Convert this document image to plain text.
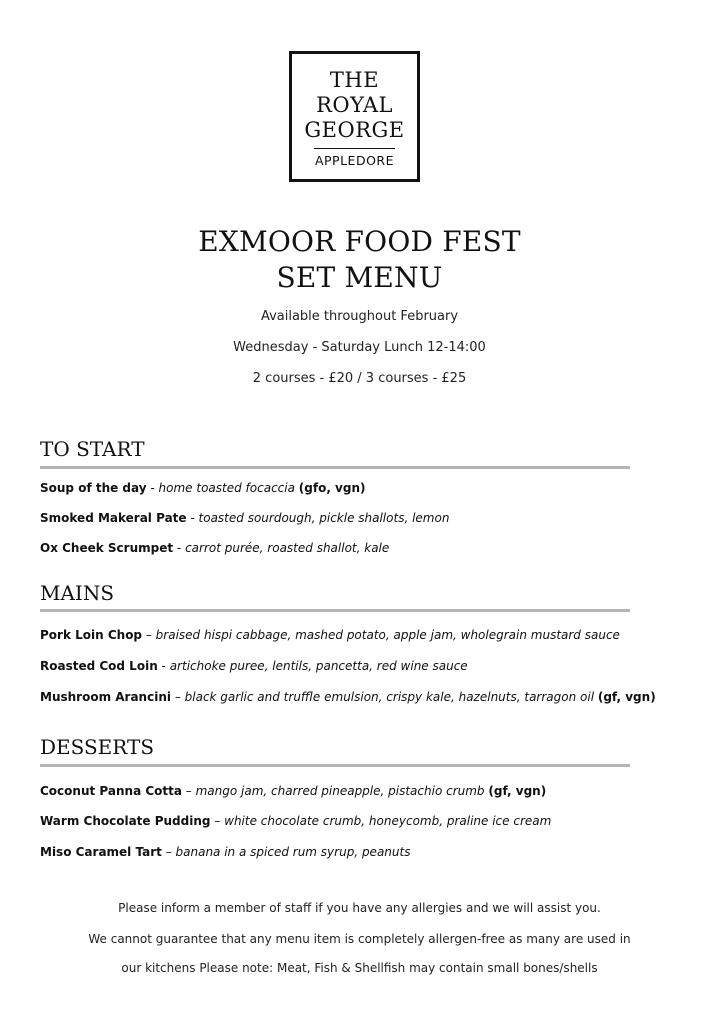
THE
ROYAL
GEORGE
APPLEDORE
EXMOOR FOOD FEST
SET MENU
Available throughout February
Wednesday - Saturday Lunch 12-14:00
2 courses - £20 / 3 courses - £25
TO START
Soup of the day - home toasted focaccia (gfo, vgn)
Smoked Makeral Pate - toasted sourdough, pickle shallots, lemon
Ox Cheek Scrumpet - carrot purée, roasted shallot, kale
MAINS
Pork Loin Chop – braised hispi cabbage, mashed potato, apple jam, wholegrain mustard sauce
Roasted Cod Loin - artichoke puree, lentils, pancetta, red wine sauce
Mushroom Arancini – black garlic and truffle emulsion, crispy kale, hazelnuts, tarragon oil (gf, vgn)
DESSERTS
Coconut Panna Cotta – mango jam, charred pineapple, pistachio crumb (gf, vgn)
Warm Chocolate Pudding – white chocolate crumb, honeycomb, praline ice cream
Miso Caramel Tart – banana in a spiced rum syrup, peanuts
Please inform a member of staff if you have any allergies and we will assist you.
We cannot guarantee that any menu item is completely allergen-free as many are used in
our kitchens Please note: Meat, Fish & Shellfish may contain small bones/shells
